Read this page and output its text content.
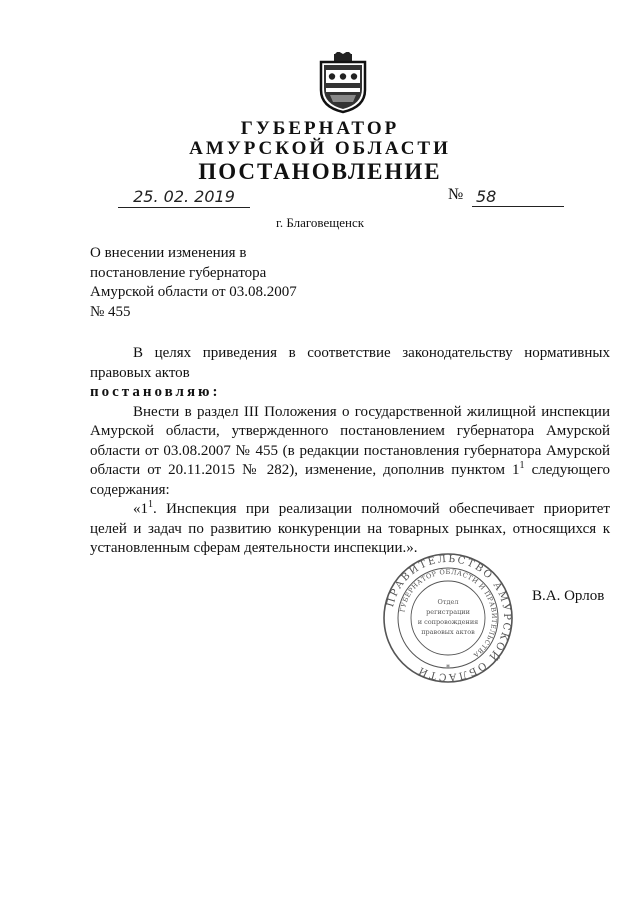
ГУБЕРНАТОР
АМУРСКОЙ ОБЛАСТИ
ПОСТАНОВЛЕНИЕ
25. 02. 2019	№ 58
г. Благовещенск
О внесении изменения в
постановление губернатора
Амурской области от 03.08.2007
№ 455

В целях приведения в соответствие законодательству нормативных правовых актов

постановляю:

Внести в раздел III Положения о государственной жилищной инспекции Амурской области, утвержденного постановлением губернатора Амурской области от 03.08.2007 № 455 (в редакции постановления губернатора Амурской области от 20.11.2015 № 282), изменение, дополнив пунктом $1^1$ следующего содержания:

«$1^1$. Инспекция при реализации полномочий обеспечивает приоритет целей и задач по развитию конкуренции на товарных рынках, относящихся к установленным сферам деятельности инспекции.».

ПРАВИТЕЛЬСТВО АМУРСКОЙ ОБЛАСТИ
ГУБЕРНАТОР ОБЛАСТИ И ПРАВИТЕЛЬСТВА
Отдел
регистрации
и сопровождения
правовых актов
*
В.А. Орлов
